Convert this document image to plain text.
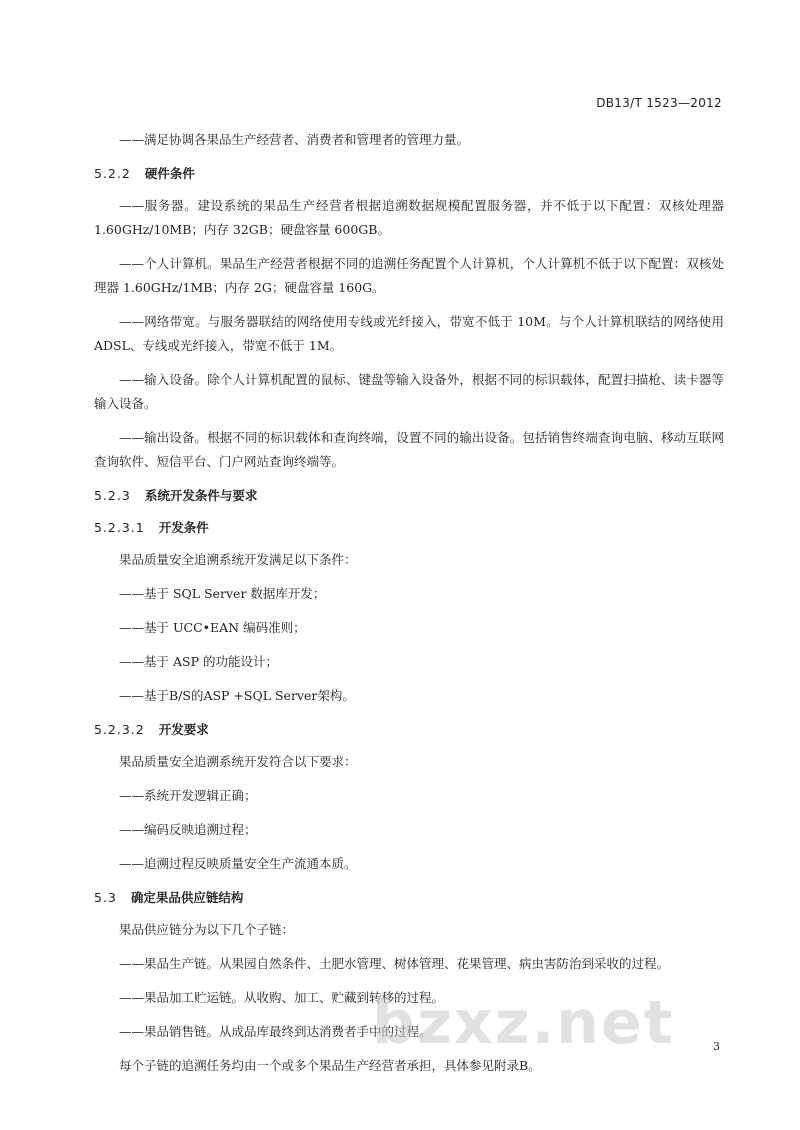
DB13/T 1523—2012

——满足协调各果品生产经营者、消费者和管理者的管理力量。

5.2.2 硬件条件

——服务器。建设系统的果品生产经营者根据追溯数据规模配置服务器，并不低于以下配置：双核处理器 1.60GHz/10MB；内存 32GB；硬盘容量 600GB。

——个人计算机。果品生产经营者根据不同的追溯任务配置个人计算机，个人计算机不低于以下配置：双核处理器 1.60GHz/1MB；内存 2G；硬盘容量 160G。

——网络带宽。与服务器联结的网络使用专线或光纤接入，带宽不低于 10M。与个人计算机联结的网络使用 ADSL、专线或光纤接入，带宽不低于 1M。

——输入设备。除个人计算机配置的鼠标、键盘等输入设备外，根据不同的标识载体，配置扫描枪、读卡器等输入设备。

——输出设备。根据不同的标识载体和查询终端，设置不同的输出设备。包括销售终端查询电脑、移动互联网查询软件、短信平台、门户网站查询终端等。

5.2.3 系统开发条件与要求
5.2.3.1 开发条件

果品质量安全追溯系统开发满足以下条件：

——基于 SQL Server 数据库开发；

——基于 UCC•EAN 编码准则；

——基于 ASP 的功能设计；

——基于B/S的ASP +SQL Server架构。

5.2.3.2 开发要求

果品质量安全追溯系统开发符合以下要求：

——系统开发逻辑正确；

——编码反映追溯过程；

——追溯过程反映质量安全生产流通本质。

5.3 确定果品供应链结构

果品供应链分为以下几个子链：

——果品生产链。从果园自然条件、土肥水管理、树体管理、花果管理、病虫害防治到采收的过程。

——果品加工贮运链。从收购、加工、贮藏到转移的过程。

——果品销售链。从成品库最终到达消费者手中的过程。

每个子链的追溯任务均由一个或多个果品生产经营者承担，具体参见附录B。

3
bzxz.net
